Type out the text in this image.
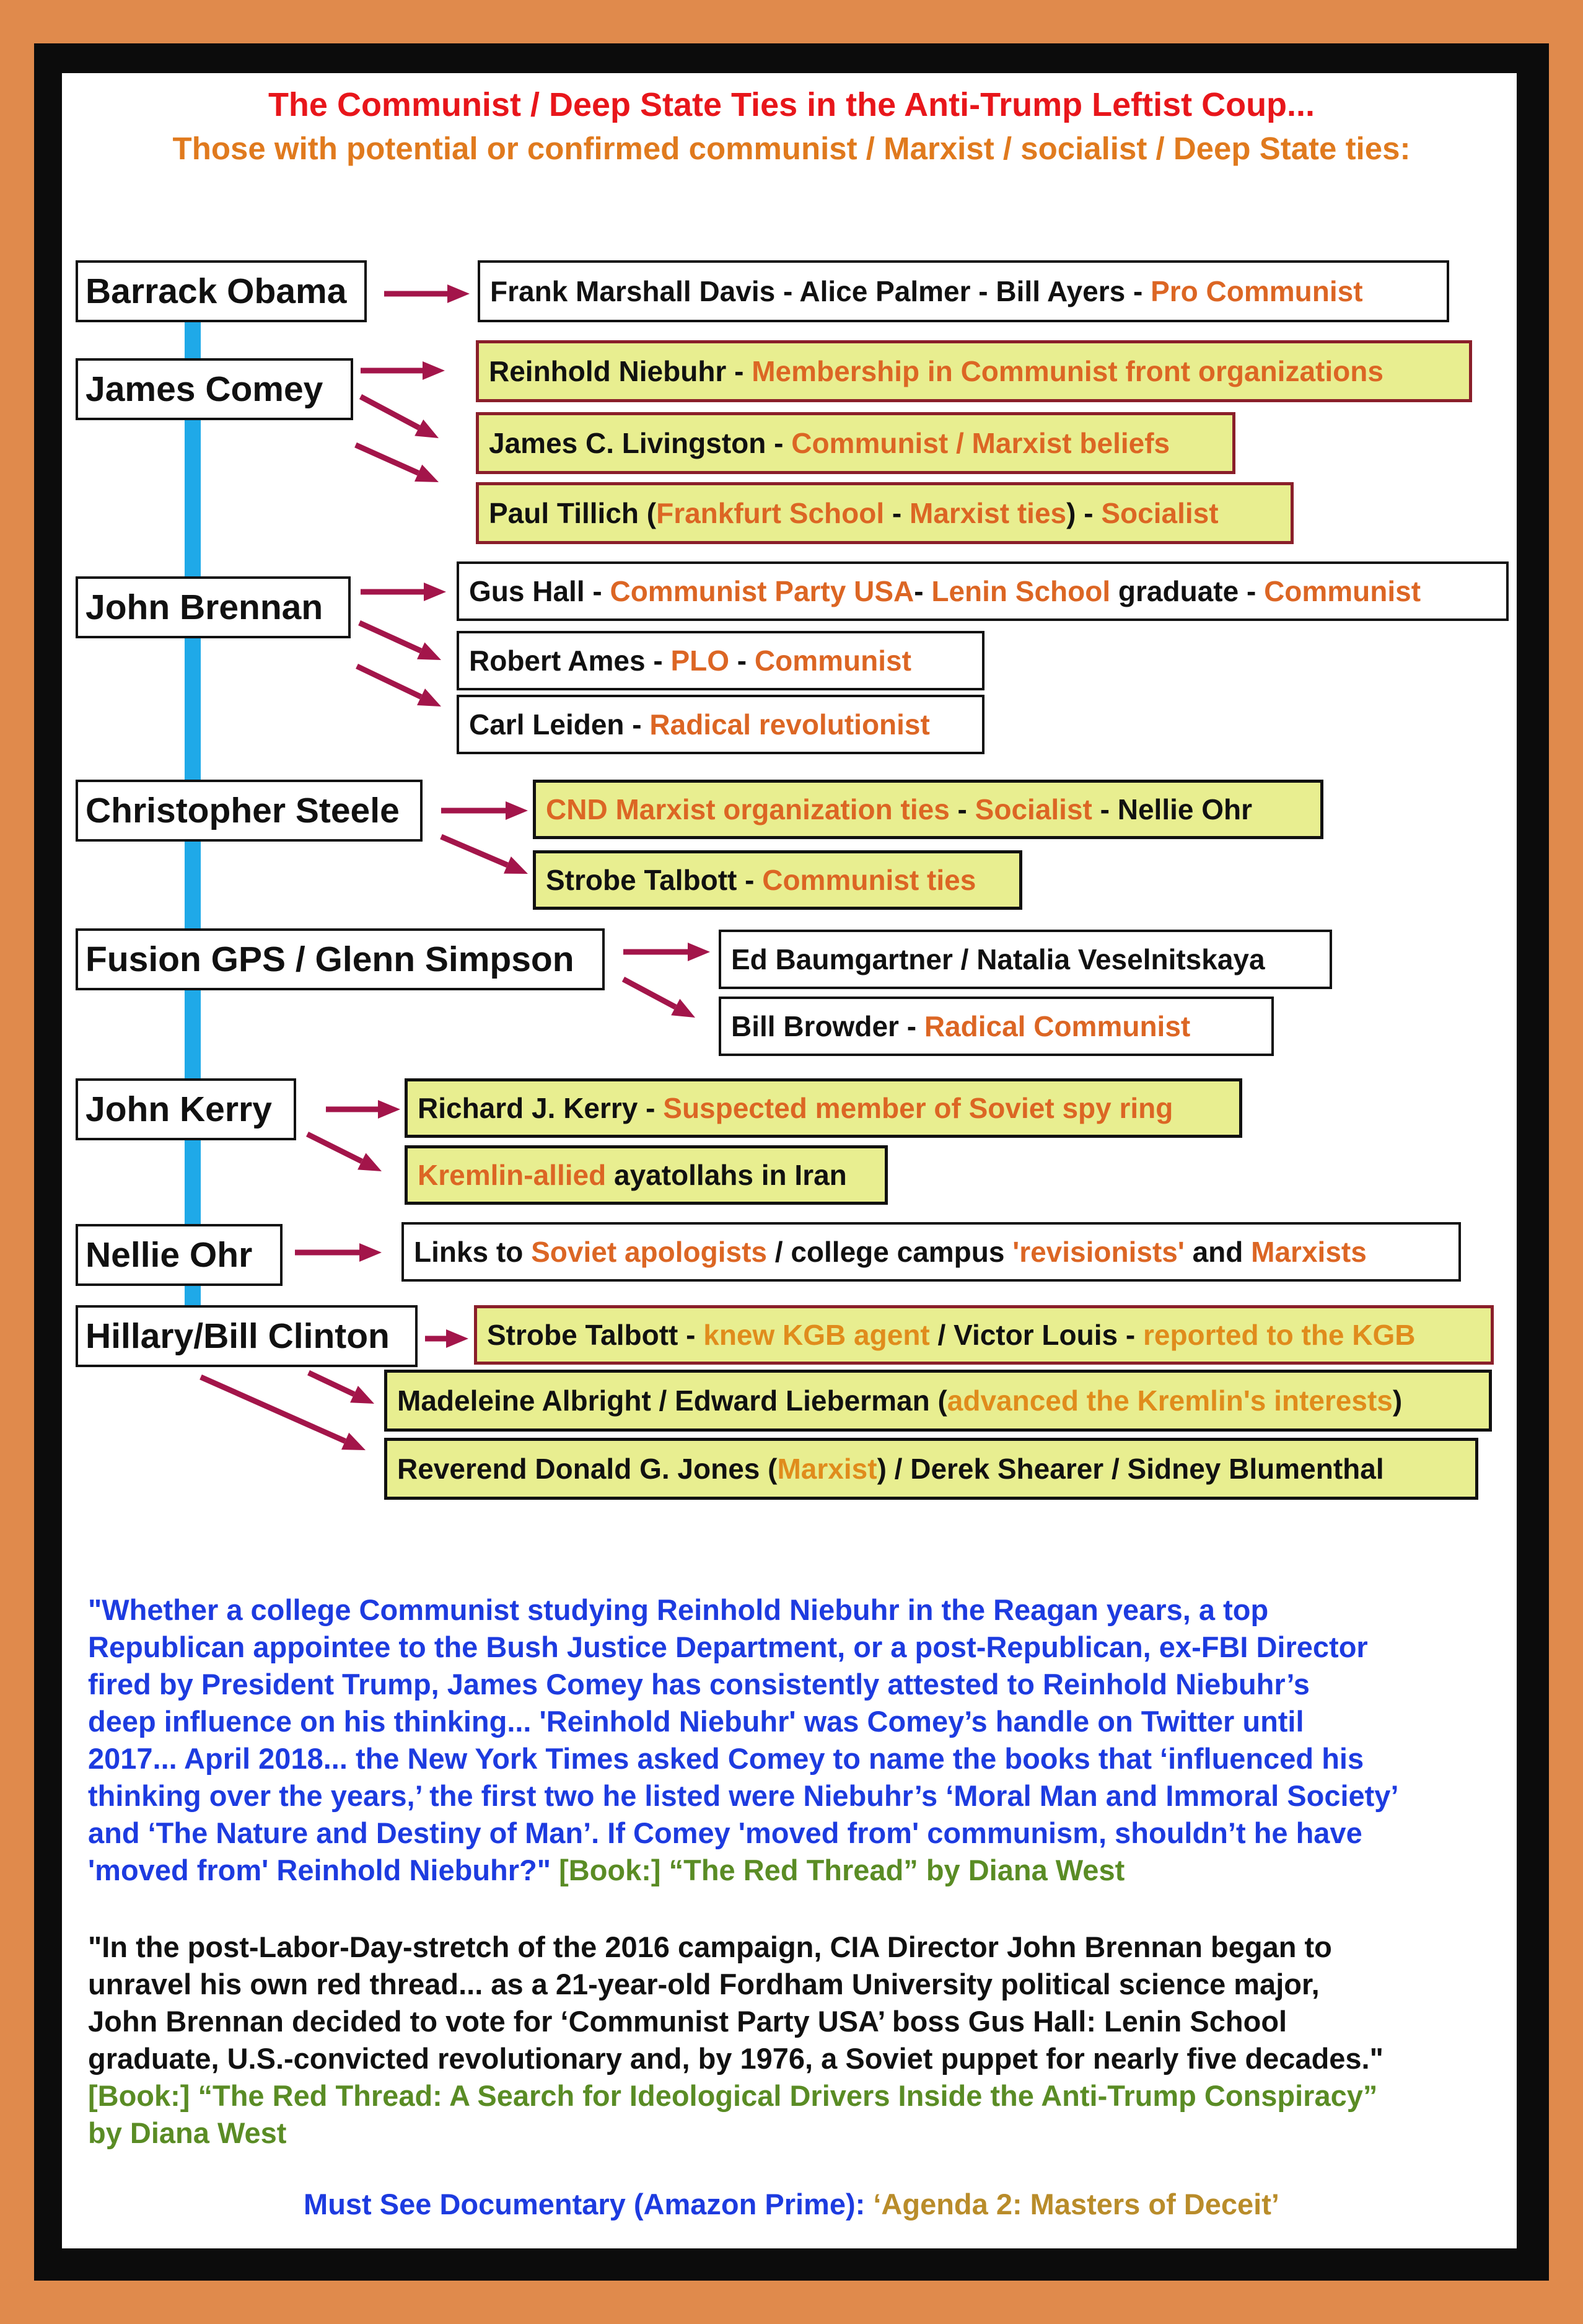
The Communist / Deep State Ties in the Anti-Trump Leftist Coup...
Those with potential or confirmed communist / Marxist / socialist / Deep State ties:
Barrack Obama	Frank Marshall Davis - Alice Palmer - Bill Ayers - Pro Communist
James Comey	Reinhold Niebuhr - Membership in Communist front organizations
James C. Livingston - Communist / Marxist beliefs
Paul Tillich ( Frankfurt School - Marxist ties ) - Socialist
John Brennan	Gus Hall - Communist Party USA - Lenin School graduate - Communist
Robert Ames - PLO - Communist
Carl Leiden - Radical revolutionist
Christopher Steele	CND Marxist organization ties - Socialist - Nellie Ohr
Strobe Talbott - Communist ties
Fusion GPS / Glenn Simpson	Ed Baumgartner / Natalia Veselnitskaya
Bill Browder - Radical Communist
John Kerry	Richard J. Kerry - Suspected member of Soviet spy ring
Kremlin-allied ayatollahs in Iran
Nellie Ohr	Links to Soviet apologists / college campus 'revisionists' and Marxists
Hillary/Bill Clinton	Strobe Talbott - knew KGB agent / Victor Louis - reported to the KGB
Madeleine Albright / Edward Lieberman ( advanced the Kremlin's interests )
Reverend Donald G. Jones ( Marxist ) / Derek Shearer / Sidney Blumenthal
"Whether a college Communist studying Reinhold Niebuhr in the Reagan years, a top
Republican appointee to the Bush Justice Department, or a post-Republican, ex-FBI Director
fired by President Trump, James Comey has consistently attested to Reinhold Niebuhr’s
deep influence on his thinking... 'Reinhold Niebuhr' was Comey’s handle on Twitter until
2017... April 2018... the New York Times asked Comey to name the books that ‘influenced his
thinking over the years,’ the first two he listed were Niebuhr’s ‘Moral Man and Immoral Society’
and ‘The Nature and Destiny of Man’. If Comey 'moved from' communism, shouldn’t he have
'moved from' Reinhold Niebuhr?" [Book:] “The Red Thread” by Diana West
"In the post-Labor-Day-stretch of the 2016 campaign, CIA Director John Brennan began to
unravel his own red thread... as a 21-year-old Fordham University political science major,
John Brennan decided to vote for ‘Communist Party USA’ boss Gus Hall: Lenin School
graduate, U.S.-convicted revolutionary and, by 1976, a Soviet puppet for nearly five decades."
[Book:] “The Red Thread: A Search for Ideological Drivers Inside the Anti-Trump Conspiracy”
by Diana West
Must See Documentary (Amazon Prime): ‘Agenda 2: Masters of Deceit’
